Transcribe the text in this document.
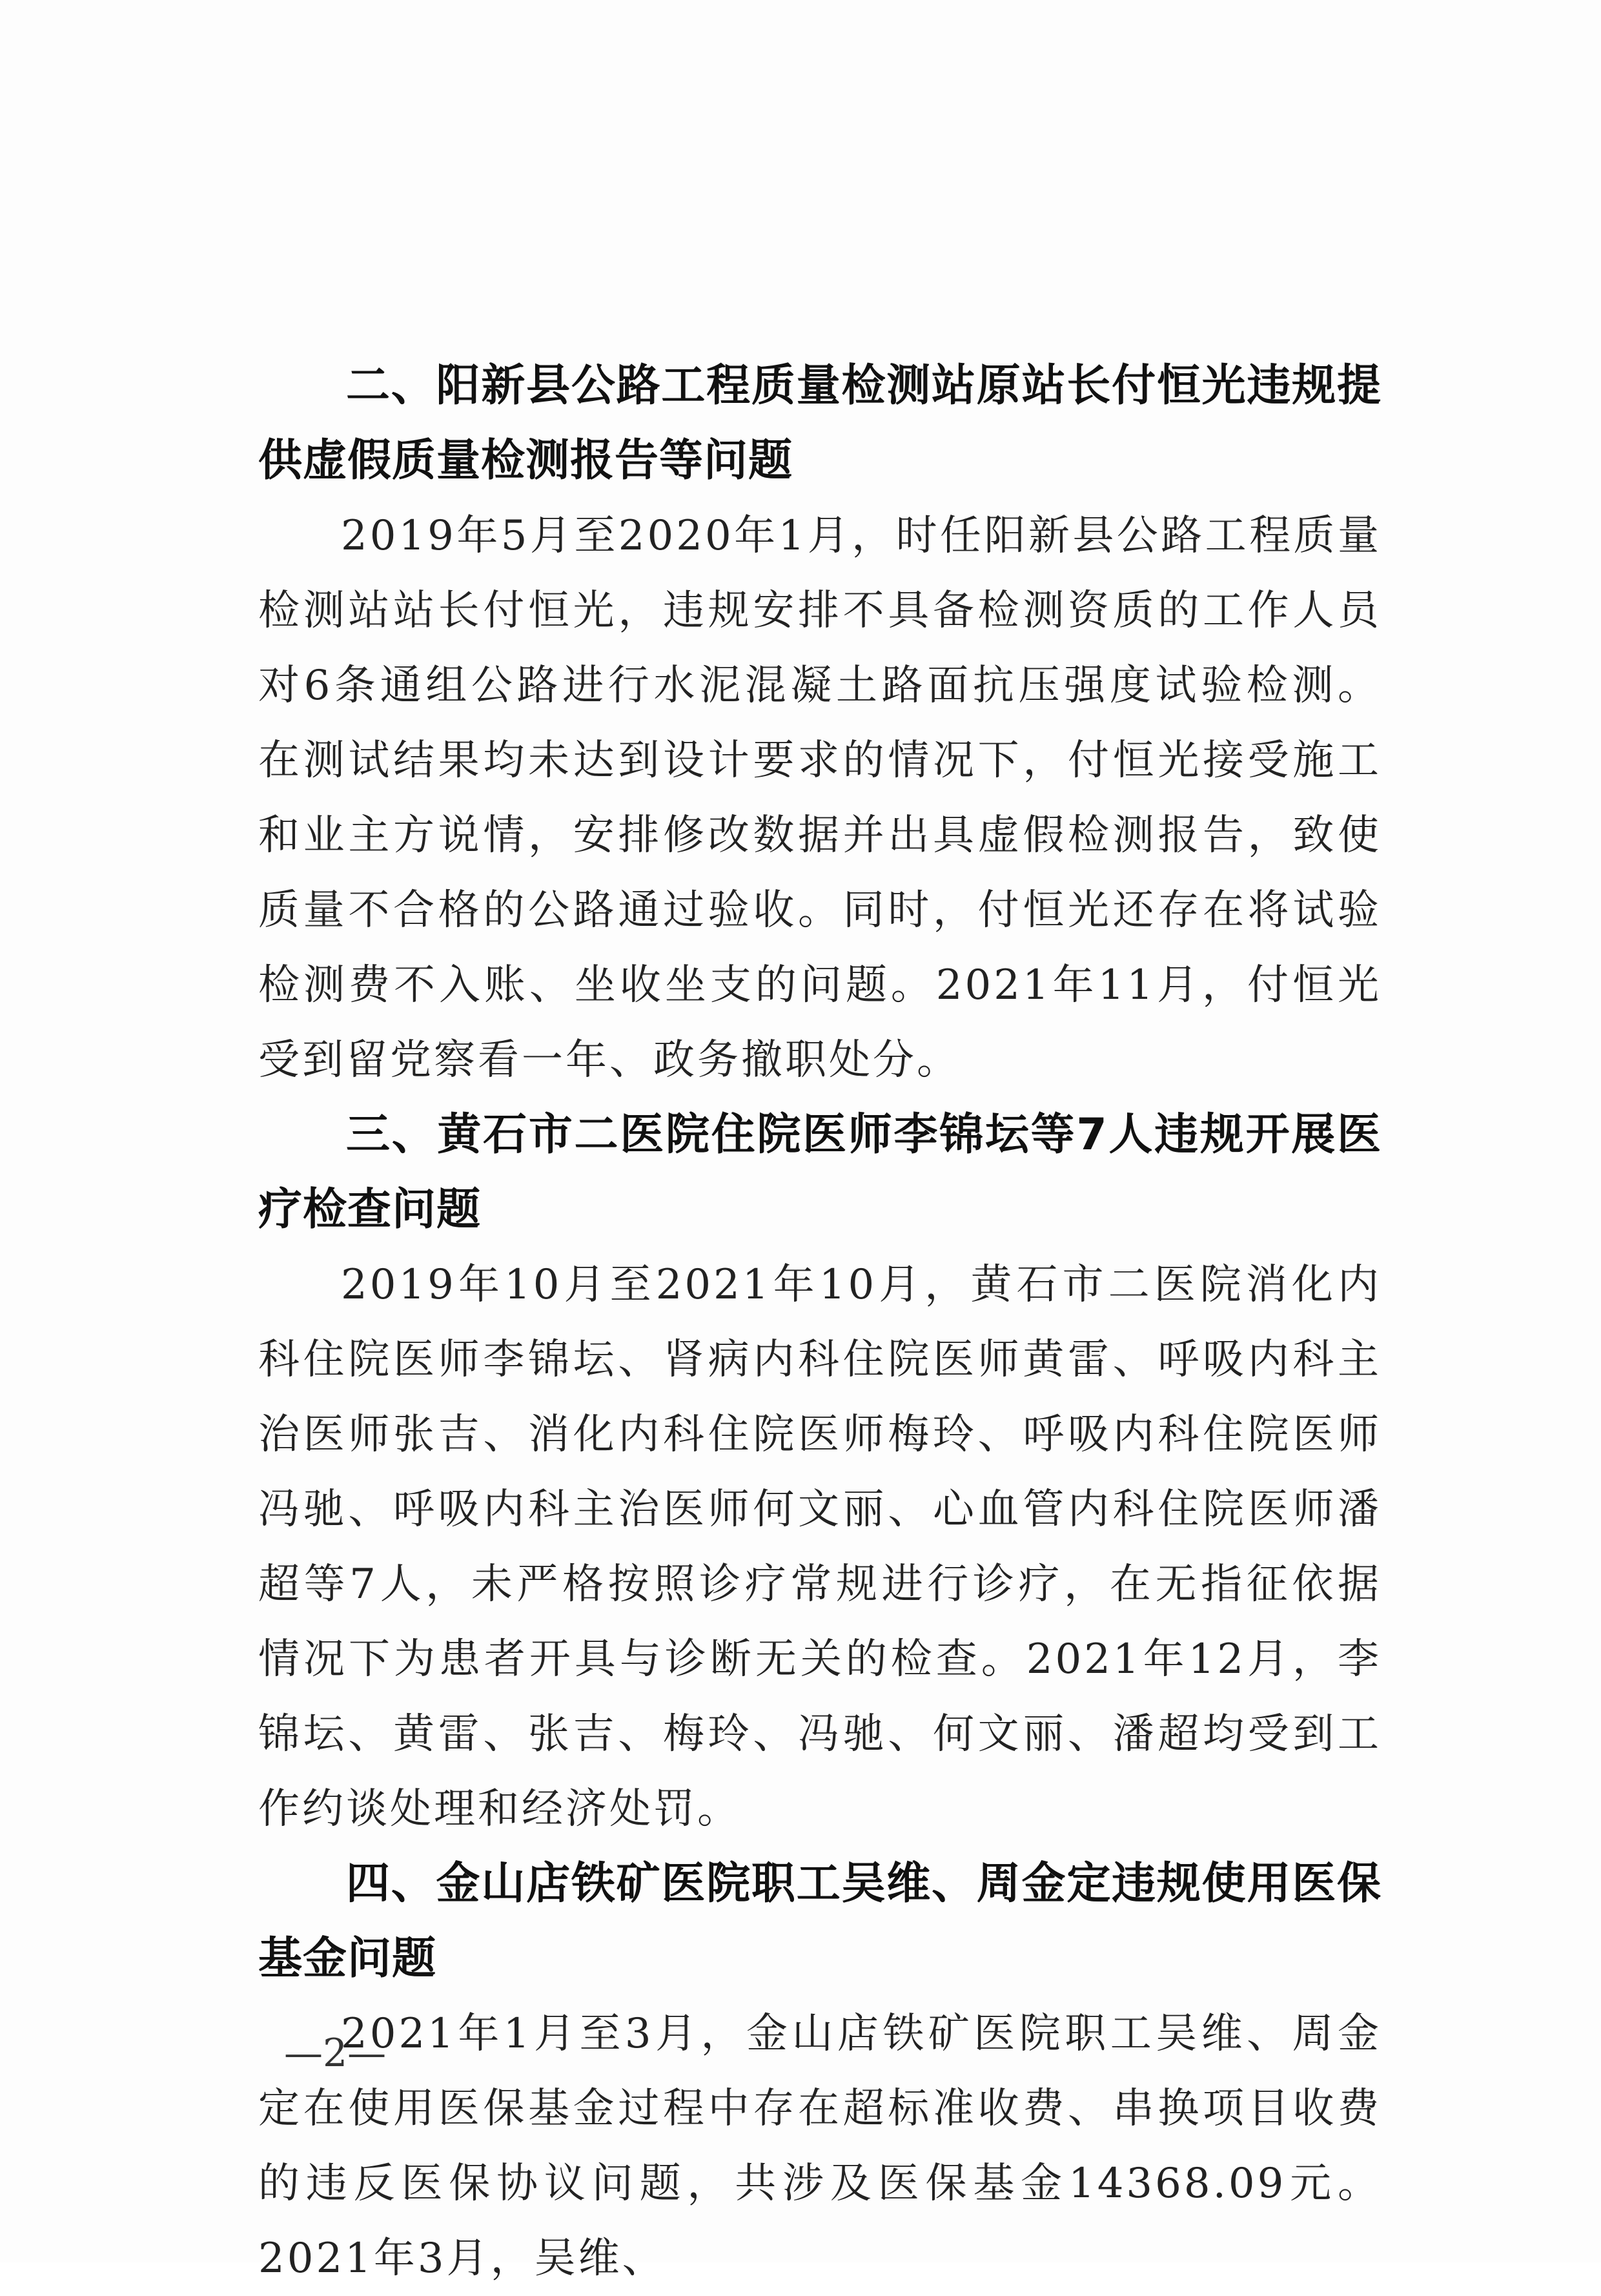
二、阳新县公路工程质量检测站原站长付恒光违规提供虚假质量检测报告等问题

2019年5月至2020年1月，时任阳新县公路工程质量检测站站长付恒光，违规安排不具备检测资质的工作人员对6条通组公路进行水泥混凝土路面抗压强度试验检测。在测试结果均未达到设计要求的情况下，付恒光接受施工和业主方说情，安排修改数据并出具虚假检测报告，致使质量不合格的公路通过验收。同时，付恒光还存在将试验检测费不入账、坐收坐支的问题。2021年11月，付恒光受到留党察看一年、政务撤职处分。

三、黄石市二医院住院医师李锦坛等7人违规开展医疗检查问题

2019年10月至2021年10月，黄石市二医院消化内科住院医师李锦坛、肾病内科住院医师黄雷、呼吸内科主治医师张吉、消化内科住院医师梅玲、呼吸内科住院医师冯驰、呼吸内科主治医师何文丽、心血管内科住院医师潘超等7人，未严格按照诊疗常规进行诊疗，在无指征依据情况下为患者开具与诊断无关的检查。2021年12月，李锦坛、黄雷、张吉、梅玲、冯驰、何文丽、潘超均受到工作约谈处理和经济处罚。

四、金山店铁矿医院职工吴维、周金定违规使用医保基金问题

2021年1月至3月，金山店铁矿医院职工吴维、周金定在使用医保基金过程中存在超标准收费、串换项目收费的违反医保协议问题，共涉及医保基金14368.09元。2021年3月，吴维、

—2—
